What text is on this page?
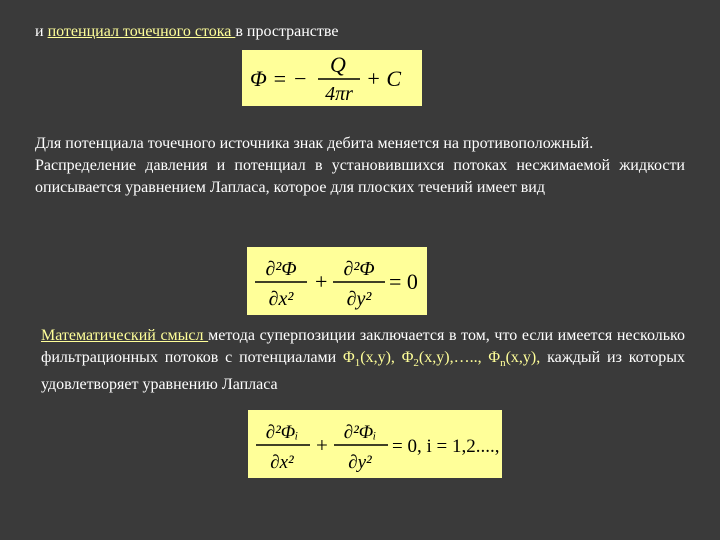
и потенциал точечного стока в пространстве
Φ = −
Q
4πr
+ C
Для потенциала точечного источника знак дебита меняется на противоположный.
Распределение давления и потенциал в установившихся потоках несжимаемой жидкости описывается уравнением Лапласа, которое для плоских течений имеет вид
∂²Φ
∂x²
+ ∂²Φ
∂y²
= 0
Математический смысл метода суперпозиции заключается в том, что если имеется несколько фильтрационных потоков с потенциалами $\Phi_1(x,y)$, $\Phi_2(x,y),\dots$.., $\Phi_n(x,y)$, каждый из которых удовлетворяет уравнению Лапласа
∂²Φᵢ
∂x²
+
∂²Φᵢ
∂y²
= 0, i = 1,2...., n
